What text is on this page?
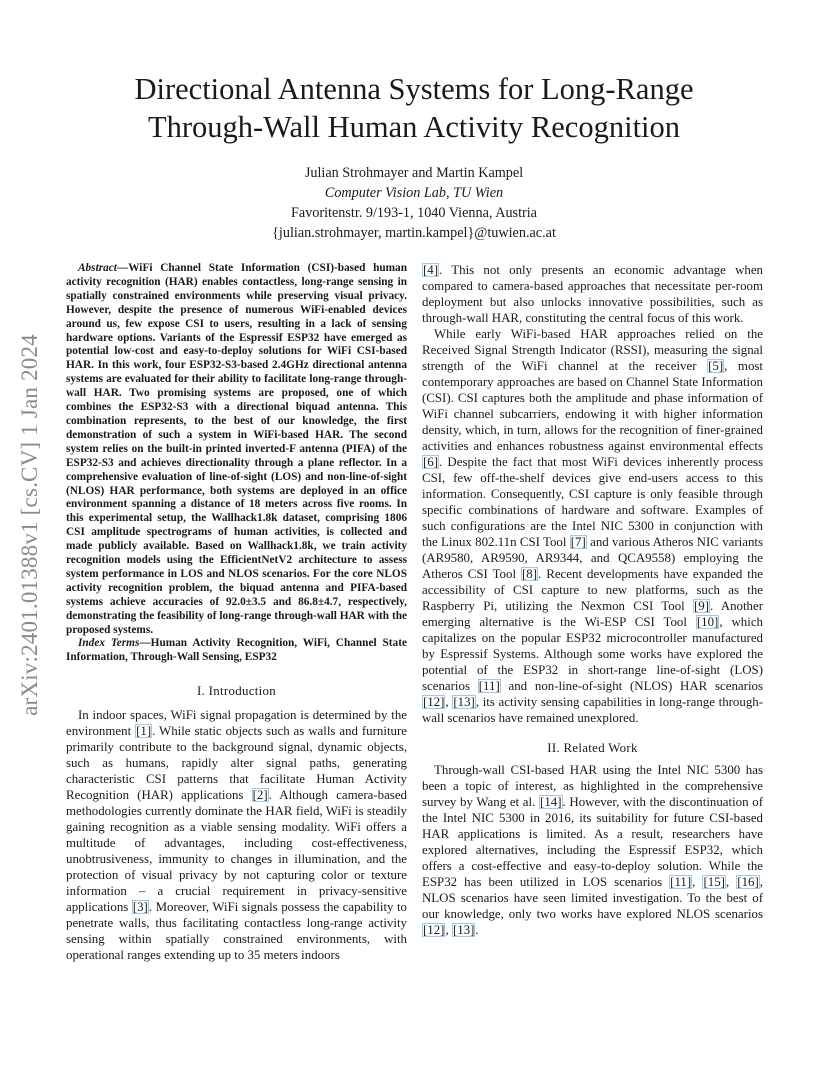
arXiv:2401.01388v1 [cs.CV] 1 Jan 2024
Directional Antenna Systems for Long-Range
Through-Wall Human Activity Recognition
Julian Strohmayer and Martin Kampel
Computer Vision Lab, TU Wien
Favoritenstr. 9/193-1, 1040 Vienna, Austria
{julian.strohmayer, martin.kampel}@tuwien.ac.at

Abstract—WiFi Channel State Information (CSI)-based human activity recognition (HAR) enables contactless, long-range sensing in spatially constrained environments while preserving visual privacy. However, despite the presence of numerous WiFi-enabled devices around us, few expose CSI to users, resulting in a lack of sensing hardware options. Variants of the Espressif ESP32 have emerged as potential low-cost and easy-to-deploy solutions for WiFi CSI-based HAR. In this work, four ESP32-S3-based 2.4GHz directional antenna systems are evaluated for their ability to facilitate long-range through-wall HAR. Two promising systems are proposed, one of which combines the ESP32-S3 with a directional biquad antenna. This combination represents, to the best of our knowledge, the first demonstration of such a system in WiFi-based HAR. The second system relies on the built-in printed inverted-F antenna (PIFA) of the ESP32-S3 and achieves directionality through a plane reflector. In a comprehensive evaluation of line-of-sight (LOS) and non-line-of-sight (NLOS) HAR performance, both systems are deployed in an office environment spanning a distance of 18 meters across five rooms. In this experimental setup, the Wallhack1.8k dataset, comprising 1806 CSI amplitude spectrograms of human activities, is collected and made publicly available. Based on Wallhack1.8k, we train activity recognition models using the EfficientNetV2 architecture to assess system performance in LOS and NLOS scenarios. For the core NLOS activity recognition problem, the biquad antenna and PIFA-based systems achieve accuracies of 92.0±3.5 and 86.8±4.7, respectively, demonstrating the feasibility of long-range through-wall HAR with the proposed systems.

Index Terms—Human Activity Recognition, WiFi, Channel State Information, Through-Wall Sensing, ESP32

I. Introduction

In indoor spaces, WiFi signal propagation is determined by the environment [1]. While static objects such as walls and furniture primarily contribute to the background signal, dynamic objects, such as humans, rapidly alter signal paths, generating characteristic CSI patterns that facilitate Human Activity Recognition (HAR) applications [2]. Although camera-based methodologies currently dominate the HAR field, WiFi is steadily gaining recognition as a viable sensing modality. WiFi offers a multitude of advantages, including cost-effectiveness, unobtrusiveness, immunity to changes in illumination, and the protection of visual privacy by not capturing color or texture information – a crucial requirement in privacy-sensitive applications [3]. Moreover, WiFi signals possess the capability to penetrate walls, thus facilitating contactless long-range activity sensing within spatially constrained environments, with operational ranges extending up to 35 meters indoors

[4]. This not only presents an economic advantage when compared to camera-based approaches that necessitate per-room deployment but also unlocks innovative possibilities, such as through-wall HAR, constituting the central focus of this work.

While early WiFi-based HAR approaches relied on the Received Signal Strength Indicator (RSSI), measuring the signal strength of the WiFi channel at the receiver [5], most contemporary approaches are based on Channel State Information (CSI). CSI captures both the amplitude and phase information of WiFi channel subcarriers, endowing it with higher information density, which, in turn, allows for the recognition of finer-grained activities and enhances robustness against environmental effects [6]. Despite the fact that most WiFi devices inherently process CSI, few off-the-shelf devices give end-users access to this information. Consequently, CSI capture is only feasible through specific combinations of hardware and software. Examples of such configurations are the Intel NIC 5300 in conjunction with the Linux 802.11n CSI Tool [7] and various Atheros NIC variants (AR9580, AR9590, AR9344, and QCA9558) employing the Atheros CSI Tool [8]. Recent developments have expanded the accessibility of CSI capture to new platforms, such as the Raspberry Pi, utilizing the Nexmon CSI Tool [9]. Another emerging alternative is the Wi-ESP CSI Tool [10], which capitalizes on the popular ESP32 microcontroller manufactured by Espressif Systems. Although some works have explored the potential of the ESP32 in short-range line-of-sight (LOS) scenarios [11] and non-line-of-sight (NLOS) HAR scenarios [12], [13], its activity sensing capabilities in long-range through-wall scenarios have remained unexplored.

II. Related Work

Through-wall CSI-based HAR using the Intel NIC 5300 has been a topic of interest, as highlighted in the comprehensive survey by Wang et al. [14]. However, with the discontinuation of the Intel NIC 5300 in 2016, its suitability for future CSI-based HAR applications is limited. As a result, researchers have explored alternatives, including the Espressif ESP32, which offers a cost-effective and easy-to-deploy solution. While the ESP32 has been utilized in LOS scenarios [11], [15], [16], NLOS scenarios have seen limited investigation. To the best of our knowledge, only two works have explored NLOS scenarios [12], [13].
